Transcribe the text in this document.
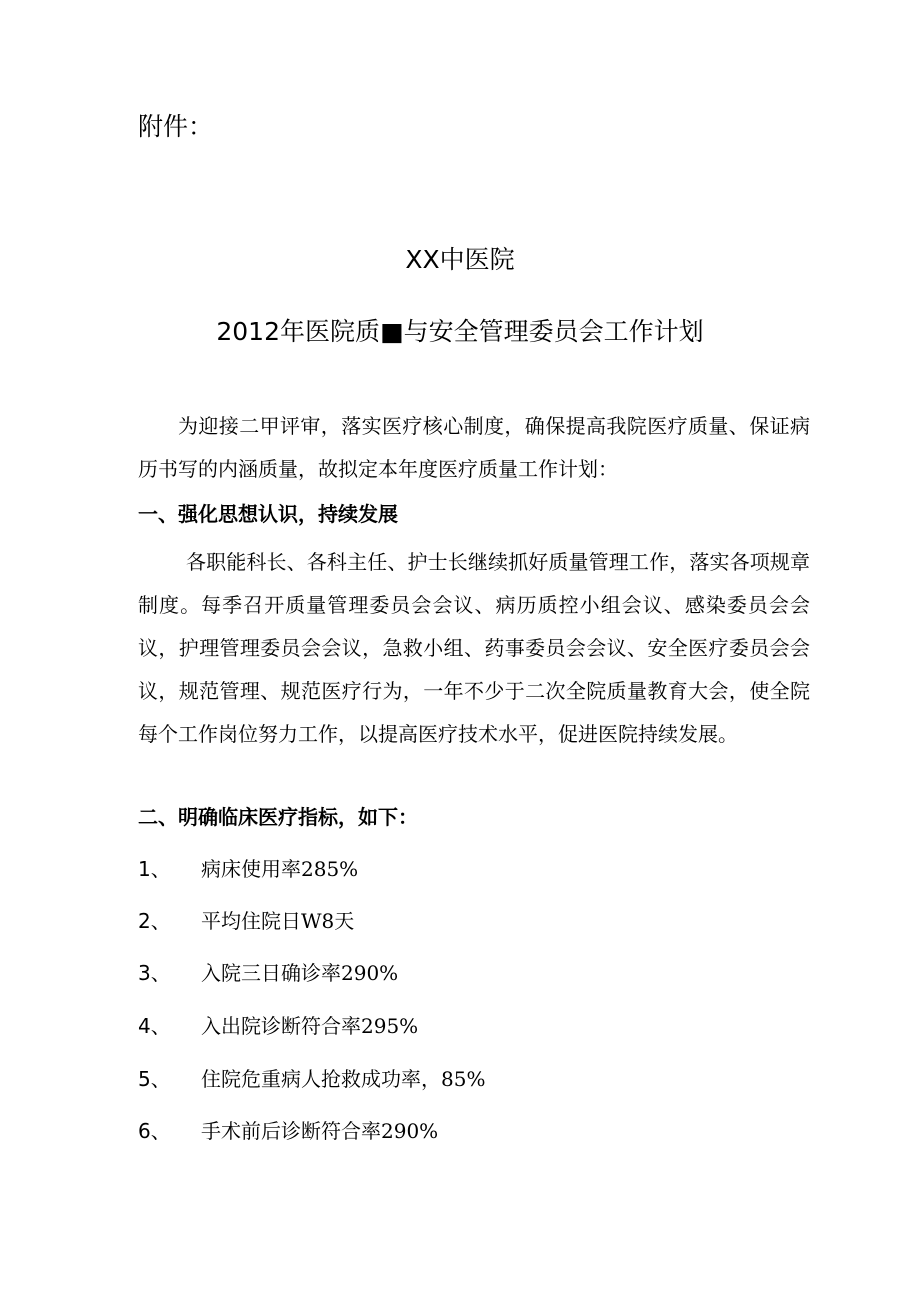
附件：
XX中医院
2012年医院质■与安全管理委员会工作计划
为迎接二甲评审，落实医疗核心制度，确保提高我院医疗质量、保证病历书写的内涵质量，故拟定本年度医疗质量工作计划：
一、强化思想认识，持续发展
各职能科长、各科主任、护士长继续抓好质量管理工作，落实各项规章制度。每季召开质量管理委员会会议、病历质控小组会议、感染委员会会议，护理管理委员会会议，急救小组、药事委员会会议、安全医疗委员会会议，规范管理、规范医疗行为，一年不少于二次全院质量教育大会，使全院每个工作岗位努力工作，以提高医疗技术水平，促进医院持续发展。
二、明确临床医疗指标，如下：
1、 病床使用率285%
2、 平均住院日W8天
3、 入院三日确诊率290%
4、 入出院诊断符合率295%
5、 住院危重病人抢救成功率，85%
6、 手术前后诊断符合率290%
